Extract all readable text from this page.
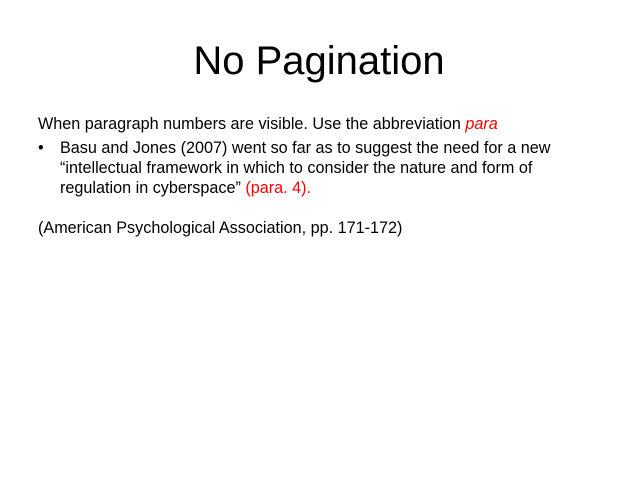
No Pagination
When paragraph numbers are visible. Use the abbreviation para
• Basu and Jones (2007) went so far as to suggest the need for a new
“intellectual framework in which to consider the nature and form of
regulation in cyberspace” (para. 4).
(American Psychological Association, pp. 171-172)
